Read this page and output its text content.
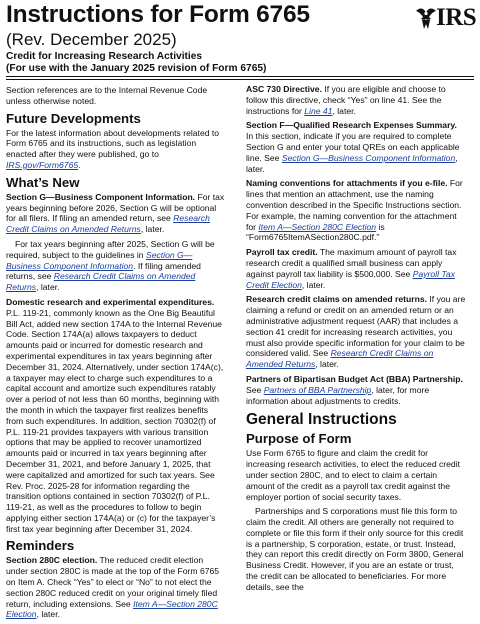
Instructions for Form 6765
(Rev. December 2025)
Credit for Increasing Research Activities
(For use with the January 2025 revision of Form 6765)
IRS

Section references are to the Internal Revenue Code unless otherwise noted.

Future Developments

For the latest information about developments related to Form 6765 and its instructions, such as legislation enacted after they were published, go to IRS.gov/Form6765.

What’s New

Section G—Business Component Information. For tax years beginning before 2026, Section G will be optional for all filers. If filing an amended return, see Research Credit Claims on Amended Returns, later.

For tax years beginning after 2025, Section G will be required, subject to the guidelines in Section G—Business Component Information. If filing amended returns, see Research Credit Claims on Amended Returns, later.

Domestic research and experimental expenditures. P.L. 119-21, commonly known as the One Big Beautiful Bill Act, added new section 174A to the Internal Revenue Code. Section 174A(a) allows taxpayers to deduct amounts paid or incurred for domestic research and experimental expenditures in tax years beginning after December 31, 2024. Alternatively, under section 174A(c), a taxpayer may elect to charge such expenditures to a capital account and amortize such expenditures ratably over a period of not less than 60 months, beginning with the month in which the taxpayer first realizes benefits from such expenditures. In addition, section 70302(f) of P.L. 119-21 provides taxpayers with various transition options that may be applied to recover unamortized amounts paid or incurred in tax years beginning after December 31, 2021, and before January 1, 2025, that were capitalized and amortized for such tax years. See Rev. Proc. 2025-28 for information regarding the transition options contained in section 70302(f) of P.L. 119-21, as well as the procedures to follow to begin applying either section 174A(a) or (c) for the taxpayer’s first tax year beginning after December 31, 2024.

Reminders

Section 280C election. The reduced credit election under section 280C is made at the top of the Form 6765 on Item A. Check “Yes” to elect or “No” to not elect the section 280C reduced credit on your original timely filed return, including extensions. See Item A—Section 280C Election, later.

ASC 730 Directive. If you are eligible and choose to follow this directive, check “Yes” on line 41. See the instructions for Line 41, later.

Section F—Qualified Research Expenses Summary. In this section, indicate if you are required to complete Section G and enter your total QREs on each applicable line. See Section G—Business Component Information, later.

Naming conventions for attachments if you e-file. For lines that mention an attachment, use the naming convention described in the Specific Instructions section. For example, the naming convention for the attachment for Item A—Section 280C Election is “Form6765ItemASection280C.pdf.”

Payroll tax credit. The maximum amount of payroll tax research credit a qualified small business can apply against payroll tax liability is $500,000. See Payroll Tax Credit Election, later.

Research credit claims on amended returns. If you are claiming a refund or credit on an amended return or an administrative adjustment request (AAR) that includes a section 41 credit for increasing research activities, you must also provide specific information for your claim to be considered valid. See Research Credit Claims on Amended Returns, later.

Partners of Bipartisan Budget Act (BBA) Partnership. See Partners of BBA Partnership, later, for more information about adjustments to credits.

General Instructions
Purpose of Form

Use Form 6765 to figure and claim the credit for increasing research activities, to elect the reduced credit under section 280C, and to elect to claim a certain amount of the credit as a payroll tax credit against the employer portion of social security taxes.

Partnerships and S corporations must file this form to claim the credit. All others are generally not required to complete or file this form if their only source for this credit is a partnership, S corporation, estate, or trust. Instead, they can report this credit directly on Form 3800, General Business Credit. However, if you are an estate or trust, the credit can be allocated to beneficiaries. For more details, see the
